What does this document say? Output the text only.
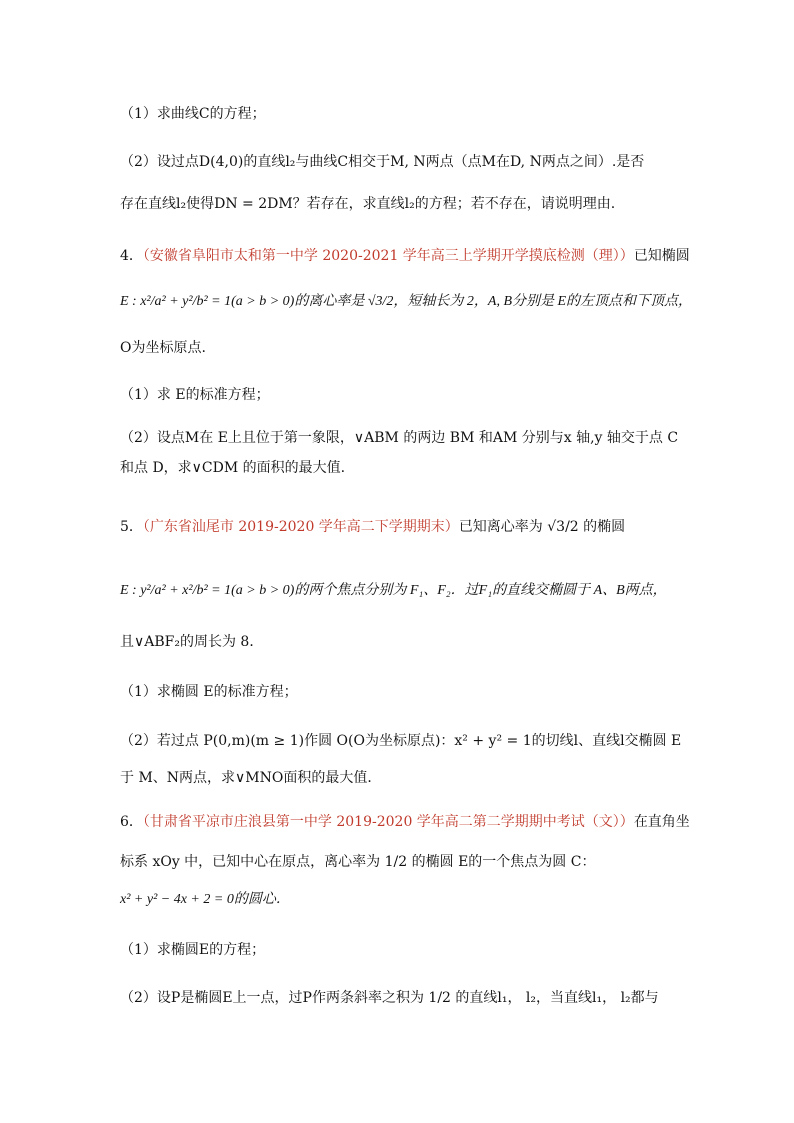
（1）求曲线C的方程；
（2）设过点D(4,0)的直线l₂与曲线C相交于M, N两点（点M在D, N两点之间）.是否
存在直线l₂使得DN = 2DM？若存在，求直线l₂的方程；若不存在，请说明理由.
4．（安徽省阜阳市太和第一中学 2020-2021 学年高三上学期开学摸底检测（理））已知椭圆
E : x²/a² + y²/b² = 1(a > b > 0)的离心率是 √3/2，短轴长为 2，A, B分别是 E的左顶点和下顶点，
O为坐标原点.
（1）求 E的标准方程；
（2）设点M在 E上且位于第一象限，∨ABM 的两边 BM 和AM 分别与x 轴,y 轴交于点 C
和点 D，求∨CDM 的面积的最大值.
5．（广东省汕尾市 2019-2020 学年高二下学期期末）已知离心率为 √3/2 的椭圆
E : y²/a² + x²/b² = 1(a > b > 0)的两个焦点分别为 F₁、F₂．过F₁的直线交椭圆于 A、B两点，
且∨ABF₂的周长为 8．
（1）求椭圆 E的标准方程；
（2）若过点 P(0,m)(m ≥ 1)作圆 O(O为坐标原点)：x² + y² = 1的切线l、直线l交椭圆 E
于 M、N两点，求∨MNO面积的最大值．
6．（甘肃省平凉市庄浪县第一中学 2019-2020 学年高二第二学期期中考试（文））在直角坐
标系 xOy 中，已知中心在原点，离心率为 1/2 的椭圆 E的一个焦点为圆 C：
x² + y² − 4x + 2 = 0的圆心．
（1）求椭圆E的方程；
（2）设P是椭圆E上一点，过P作两条斜率之积为 1/2 的直线l₁， l₂，当直线l₁， l₂都与
